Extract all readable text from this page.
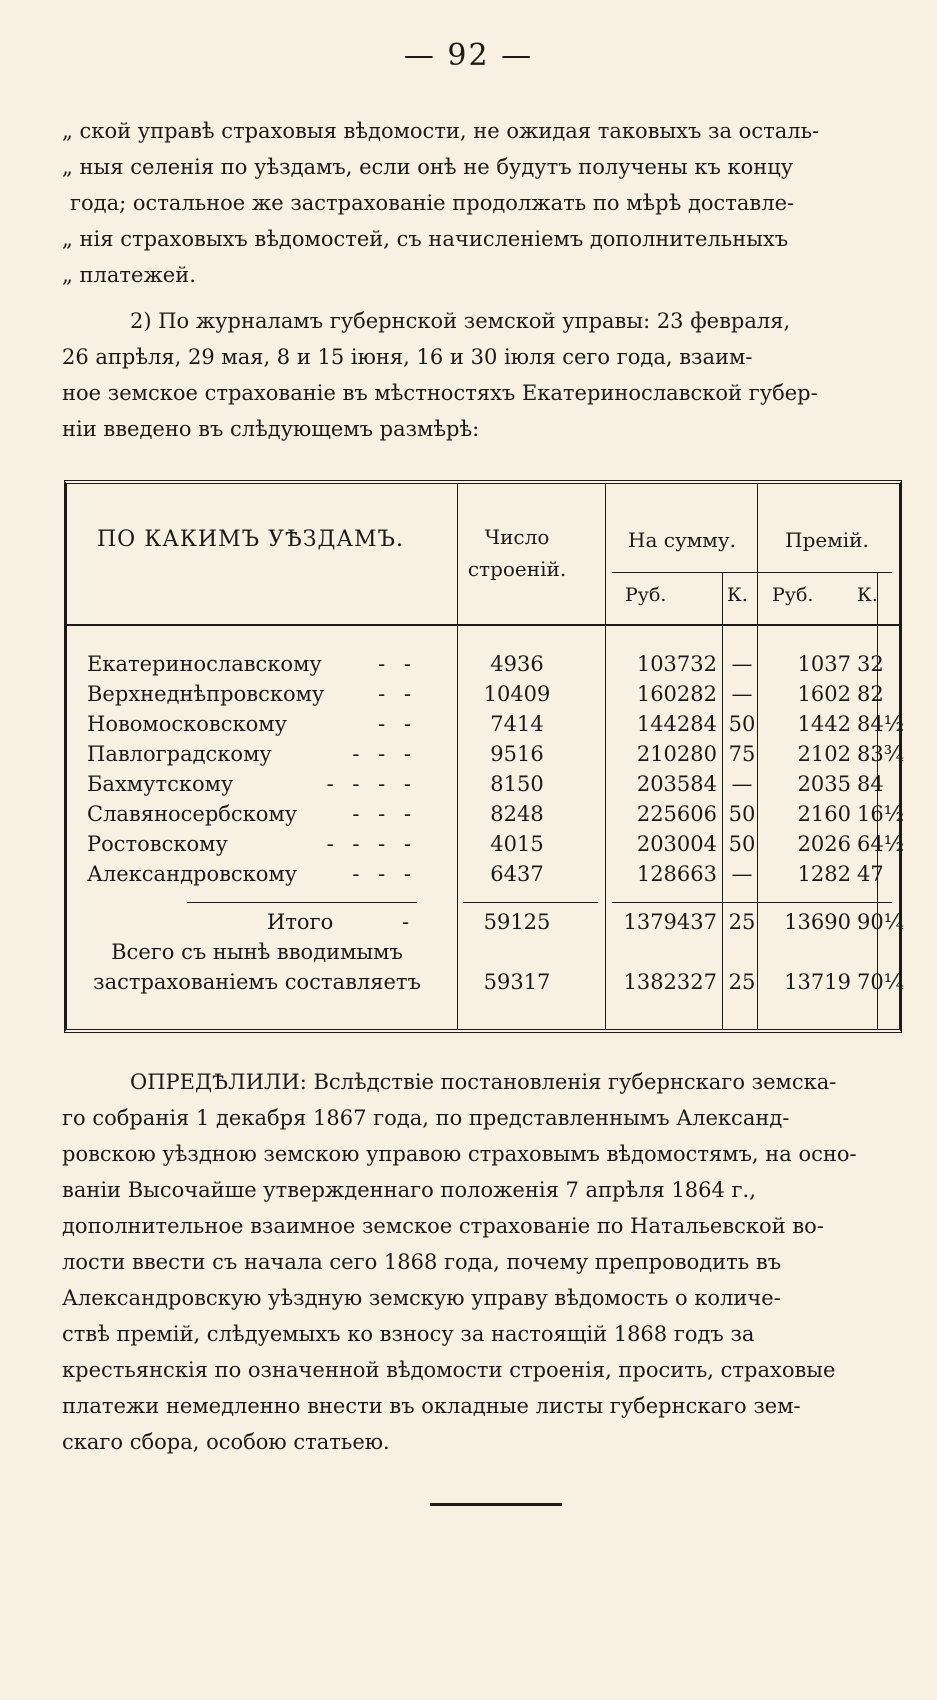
— 92 —
„ ской управѣ страховыя вѣдомости, не ожидая таковыхъ за осталь-
„ ныя селенія по уѣздамъ, если онѣ не будутъ получены къ концу
года; остальное же застрахованіе продолжать по мѣрѣ доставле-
„ нія страховыхъ вѣдомостей, съ начисленіемъ дополнительныхъ
„ платежей.
2) По журналамъ губернской земской управы: 23 февраля,
26 апрѣля, 29 мая, 8 и 15 іюня, 16 и 30 іюля сего года, взаим-
ное земское страхованіе въ мѣстностяхъ Екатеринославской губер-
ніи введено въ слѣдующемъ размѣрѣ:
ПО КАКИМЪ УѢЗДАМЪ.	Число
строеній.
На сумму.	Премій.
Руб.	К. Руб. К.
Екатеринославскому	- -	4936	103732 —	1037 32
Верхнеднѣпровскому	- -	10409	160282 —	1602 82
Новомосковскому	- -	7414	144284 50	1442 84½
Павлоградскому	- - -	9516	210280 75	2102 83¾
Бахмутскому	- - - -	8150	203584 —	2035 84
Славяносербскому	- - -	8248	225606 50	2160 16½
Ростовскому	- - - -	4015	203004 50	2026 64½
Александровскому	- - -	6437	128663 —	1282 47
Итого	-	59125	1379437 25	13690 90¼
Всего съ нынѣ вводимымъ
застрахованіемъ составляетъ	59317	1382327 25	13719 70¼
ОПРЕДѢЛИЛИ: Вслѣдствіе постановленія губернскаго земска-
го собранія 1 декабря 1867 года, по представленнымъ Александ-
ровскою уѣздною земскою управою страховымъ вѣдомостямъ, на осно-
ваніи Высочайше утвержденнаго положенія 7 апрѣля 1864 г.,
дополнительное взаимное земское страхованіе по Натальевской во-
лости ввести съ начала сего 1868 года, почему препроводить въ
Александровскую уѣздную земскую управу вѣдомость о количе-
ствѣ премій, слѣдуемыхъ ко взносу за настоящій 1868 годъ за
крестьянскія по означенной вѣдомости строенія, просить, страховые
платежи немедленно внести въ окладные листы губернскаго зем-
скаго сбора, особою статьею.
